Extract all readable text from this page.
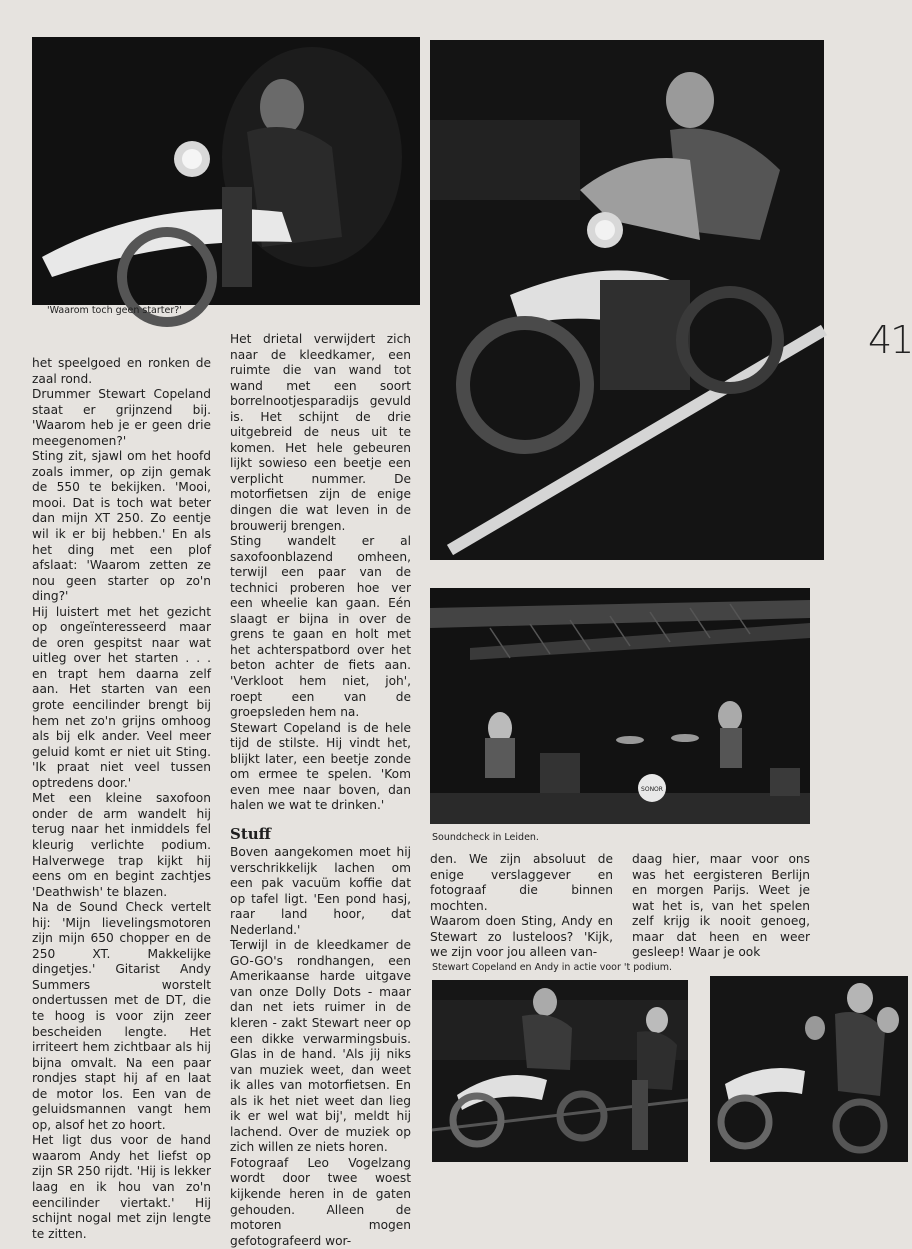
'Waarom toch geen starter?'
41
SONOR
Soundcheck in Leiden.
Stewart Copeland en Andy in actie voor 't podium.

het speelgoed en ronken de zaal rond.

Drummer Stewart Copeland staat er grijnzend bij. 'Waarom heb je er geen drie meegenomen?'

Sting zit, sjawl om het hoofd zoals immer, op zijn gemak de 550 te bekijken. 'Mooi, mooi. Dat is toch wat beter dan mijn XT 250. Zo eentje wil ik er bij hebben.' En als het ding met een plof afslaat: 'Waarom zetten ze nou geen starter op zo'n ding?'

Hij luistert met het gezicht op ongeïnteresseerd maar de oren gespitst naar wat uitleg over het starten . . . en trapt hem daarna zelf aan. Het starten van een grote eencilinder brengt bij hem net zo'n grijns omhoog als bij elk ander. Veel meer geluid komt er niet uit Sting. 'Ik praat niet veel tussen optredens door.'

Met een kleine saxofoon onder de arm wandelt hij terug naar het inmiddels fel kleurig verlichte podium. Halverwege trap kijkt hij eens om en begint zachtjes 'Deathwish' te blazen.

Na de Sound Check vertelt hij: 'Mijn lievelingsmotoren zijn mijn 650 chopper en de 250 XT. Makkelijke dingetjes.' Gitarist Andy Summers worstelt ondertussen met de DT, die te hoog is voor zijn zeer bescheiden lengte. Het irriteert hem zichtbaar als hij bijna omvalt. Na een paar rondjes stapt hij af en laat de motor los. Een van de geluidsmannen vangt hem op, alsof het zo hoort.

Het ligt dus voor de hand waarom Andy het liefst op zijn SR 250 rijdt. 'Hij is lekker laag en ik hou van zo'n eencilinder viertakt.' Hij schijnt nogal met zijn lengte te zitten.

Het drietal verwijdert zich naar de kleedkamer, een ruimte die van wand tot wand met een soort borrelnootjesparadijs gevuld is. Het schijnt de drie uitgebreid de neus uit te komen. Het hele gebeuren lijkt sowieso een beetje een verplicht nummer. De motorfietsen zijn de enige dingen die wat leven in de brouwerij brengen.

Sting wandelt er al saxofoonblazend omheen, terwijl een paar van de technici proberen hoe ver een wheelie kan gaan. Eén slaagt er bijna in over de grens te gaan en holt met het achterspatbord over het beton achter de fiets aan. 'Verkloot hem niet, joh', roept een van de groepsleden hem na.

Stewart Copeland is de hele tijd de stilste. Hij vindt het, blijkt later, een beetje zonde om ermee te spelen. 'Kom even mee naar boven, dan halen we wat te drinken.'

Stuff

Boven aangekomen moet hij verschrikkelijk lachen om een pak vacuüm koffie dat op tafel ligt. 'Een pond hasj, raar land hoor, dat Nederland.'

Terwijl in de kleedkamer de GO-GO's rondhangen, een Amerikaanse harde uitgave van onze Dolly Dots - maar dan net iets ruimer in de kleren - zakt Stewart neer op een dikke verwarmingsbuis. Glas in de hand. 'Als jij niks van muziek weet, dan weet ik alles van motorfietsen. En als ik het niet weet dan lieg ik er wel wat bij', meldt hij lachend. Over de muziek op zich willen ze niets horen.

Fotograaf Leo Vogelzang wordt door twee woest kijkende heren in de gaten gehouden. Alleen de motoren mogen gefotografeerd wor-

den. We zijn absoluut de enige verslaggever en fotograaf die binnen mochten.

Waarom doen Sting, Andy en Stewart zo lusteloos? 'Kijk, we zijn voor jou alleen van-

daag hier, maar voor ons was het eergisteren Berlijn en morgen Parijs. Weet je wat het is, van het spelen zelf krijg ik nooit genoeg, maar dat heen en weer gesleep! Waar je ook
